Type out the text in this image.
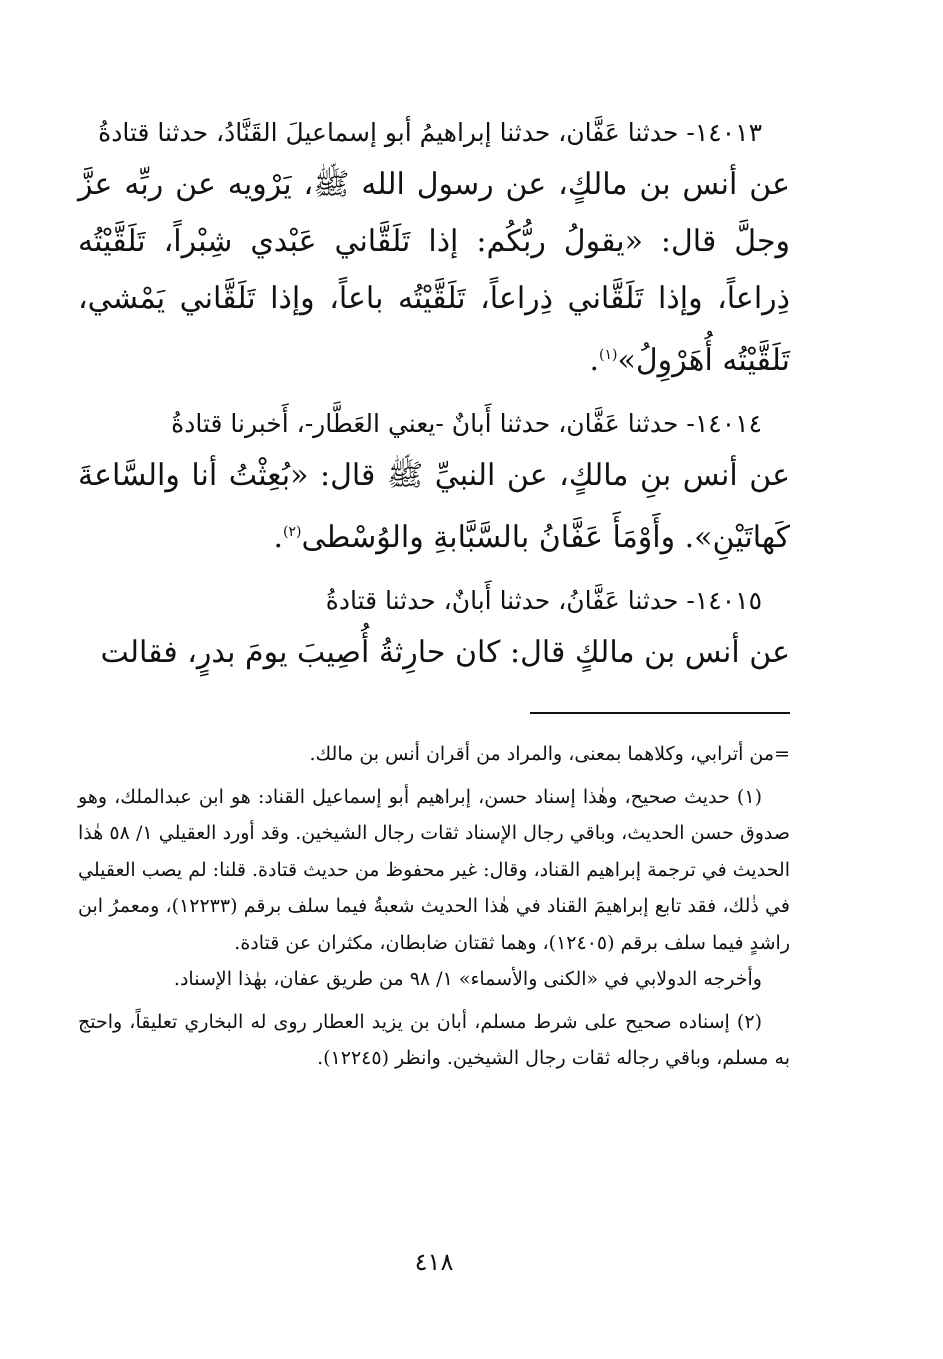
١٤٠١٣- حدثنا عَفَّان، حدثنا إبراهيمُ أبو إسماعيلَ القَنَّادُ، حدثنا قتادةُ

عن أنس بن مالكٍ، عن رسول الله ﷺ، يَرْويه عن ربِّه عزَّ وجلَّ قال: «يقولُ ربُّكُم: إذا تَلَقَّاني عَبْدي شِبْراً، تَلَقَّيْتُه ذِراعاً، وإذا تَلَقَّاني ذِراعاً، تَلَقَّيْتُه باعاً، وإذا تَلَقَّاني يَمْشي، تَلَقَّيْتُه أُهَرْوِلُ»$^{(١)}$.

١٤٠١٤- حدثنا عَفَّان، حدثنا أَبانٌ -يعني العَطَّار-، أَخبرنا قتادةُ

عن أنس بنِ مالكٍ، عن النبيِّ ﷺ قال: «بُعِثْتُ أنا والسَّاعةَ كَهاتَيْنِ». وأَوْمَأَ عَفَّانُ بالسَّبَّابةِ والوُسْطى$^{(٢)}$.

١٤٠١٥- حدثنا عَفَّانُ، حدثنا أَبانٌ، حدثنا قتادةُ

عن أنس بن مالكٍ قال: كان حارِثةُ أُصِيبَ يومَ بدرٍ، فقالت

=من أترابي، وكلاهما بمعنى، والمراد من أقران أنس بن مالك.

(١) حديث صحيح، وهٰذا إسناد حسن، إبراهيم أبو إسماعيل القناد: هو ابن عبدالملك، وهو صدوق حسن الحديث، وباقي رجال الإسناد ثقات رجال الشيخين. وقد أورد العقيلي ١/ ٥٨ هٰذا الحديث في ترجمة إبراهيم القناد، وقال: غير محفوظ من حديث قتادة. قلنا: لم يصب العقيلي في ذٰلك، فقد تابع إبراهيمَ القناد في هٰذا الحديث شعبةُ فيما سلف برقم (١٢٢٣٣)، ومعمرُ ابن راشدٍ فيما سلف برقم (١٢٤٠٥)، وهما ثقتان ضابطان، مكثران عن قتادة.

وأخرجه الدولابي في «الكنى والأسماء» ١/ ٩٨ من طريق عفان، بهٰذا الإسناد.

(٢) إسناده صحيح على شرط مسلم، أبان بن يزيد العطار روى له البخاري تعليقاً، واحتج به مسلم، وباقي رجاله ثقات رجال الشيخين. وانظر (١٢٢٤٥).

٤١٨
